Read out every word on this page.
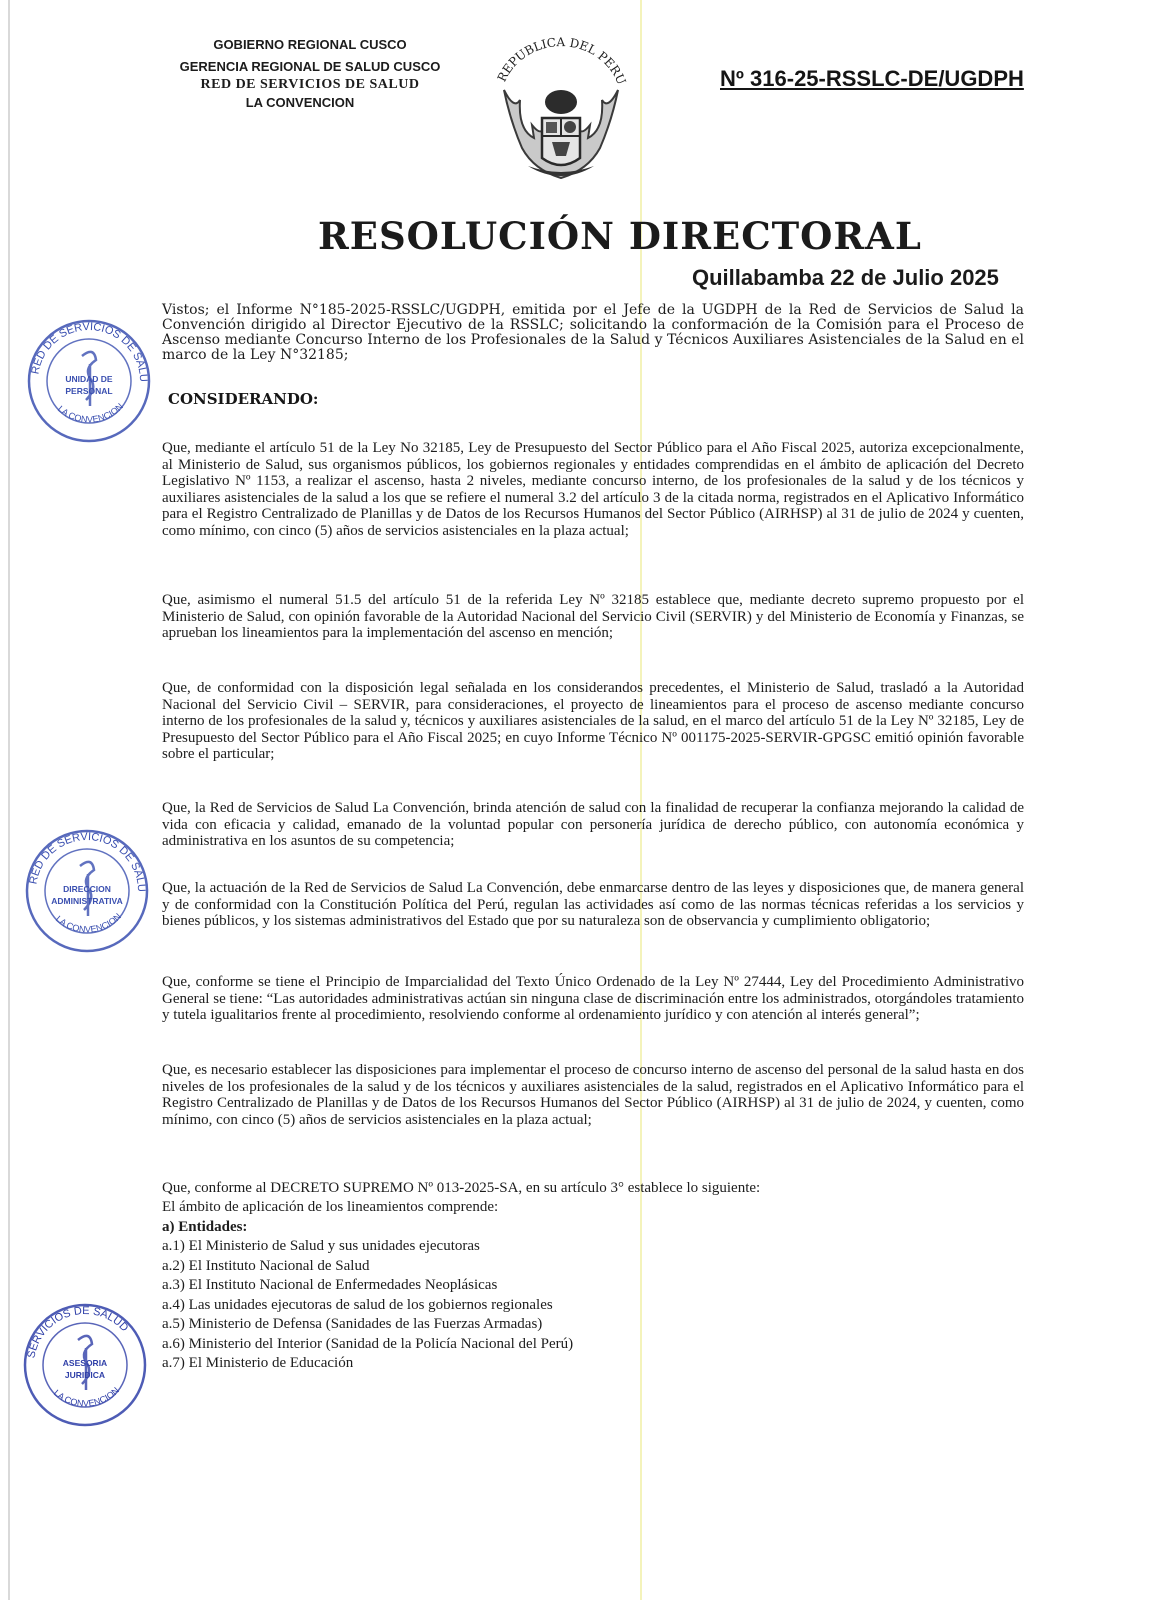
GOBIERNO REGIONAL CUSCO
GERENCIA REGIONAL DE SALUD CUSCO
RED DE SERVICIOS DE SALUD
LA CONVENCION
REPUBLICA DEL PERU	Nº 316-25-RSSLC-DE/UGDPH
RESOLUCIÓN DIRECTORAL
Quillabamba 22 de Julio 2025
Vistos; el Informe N°185-2025-RSSLC/UGDPH, emitida por el Jefe de la UGDPH de la Red de Servicios de Salud la Convención dirigido al Director Ejecutivo de la RSSLC; solicitando la conformación de la Comisión para el Proceso de Ascenso mediante Concurso Interno de los Profesionales de la Salud y Técnicos Auxiliares Asistenciales de la Salud en el marco de la Ley N°32185;
CONSIDERANDO:
Que, mediante el artículo 51 de la Ley No 32185, Ley de Presupuesto del Sector Público para el Año Fiscal 2025, autoriza excepcionalmente, al Ministerio de Salud, sus organismos públicos, los gobiernos regionales y entidades comprendidas en el ámbito de aplicación del Decreto Legislativo Nº 1153, a realizar el ascenso, hasta 2 niveles, mediante concurso interno, de los profesionales de la salud y de los técnicos y auxiliares asistenciales de la salud a los que se refiere el numeral 3.2 del artículo 3 de la citada norma, registrados en el Aplicativo Informático para el Registro Centralizado de Planillas y de Datos de los Recursos Humanos del Sector Público (AIRHSP) al 31 de julio de 2024 y cuenten, como mínimo, con cinco (5) años de servicios asistenciales en la plaza actual;
Que, asimismo el numeral 51.5 del artículo 51 de la referida Ley Nº 32185 establece que, mediante decreto supremo propuesto por el Ministerio de Salud, con opinión favorable de la Autoridad Nacional del Servicio Civil (SERVIR) y del Ministerio de Economía y Finanzas, se aprueban los lineamientos para la implementación del ascenso en mención;
Que, de conformidad con la disposición legal señalada en los considerandos precedentes, el Ministerio de Salud, trasladó a la Autoridad Nacional del Servicio Civil – SERVIR, para consideraciones, el proyecto de lineamientos para el proceso de ascenso mediante concurso interno de los profesionales de la salud y, técnicos y auxiliares asistenciales de la salud, en el marco del artículo 51 de la Ley Nº 32185, Ley de Presupuesto del Sector Público para el Año Fiscal 2025; en cuyo Informe Técnico Nº 001175-2025-SERVIR-GPGSC emitió opinión favorable sobre el particular;
Que, la Red de Servicios de Salud La Convención, brinda atención de salud con la finalidad de recuperar la confianza mejorando la calidad de vida con eficacia y calidad, emanado de la voluntad popular con personería jurídica de derecho público, con autonomía económica y administrativa en los asuntos de su competencia;
Que, la actuación de la Red de Servicios de Salud La Convención, debe enmarcarse dentro de las leyes y disposiciones que, de manera general y de conformidad con la Constitución Política del Perú, regulan las actividades así como de las normas técnicas referidas a los servicios y bienes públicos, y los sistemas administrativos del Estado que por su naturaleza son de observancia y cumplimiento obligatorio;
Que, conforme se tiene el Principio de Imparcialidad del Texto Único Ordenado de la Ley Nº 27444, Ley del Procedimiento Administrativo General se tiene: “Las autoridades administrativas actúan sin ninguna clase de discriminación entre los administrados, otorgándoles tratamiento y tutela igualitarios frente al procedimiento, resolviendo conforme al ordenamiento jurídico y con atención al interés general”;
Que, es necesario establecer las disposiciones para implementar el proceso de concurso interno de ascenso del personal de la salud hasta en dos niveles de los profesionales de la salud y de los técnicos y auxiliares asistenciales de la salud, registrados en el Aplicativo Informático para el Registro Centralizado de Planillas y de Datos de los Recursos Humanos del Sector Público (AIRHSP) al 31 de julio de 2024, y cuenten, como mínimo, con cinco (5) años de servicios asistenciales en la plaza actual;
Que, conforme al DECRETO SUPREMO Nº 013-2025-SA, en su artículo 3° establece lo siguiente:
El ámbito de aplicación de los lineamientos comprende:
a) Entidades:
a.1) El Ministerio de Salud y sus unidades ejecutoras
a.2) El Instituto Nacional de Salud
a.3) El Instituto Nacional de Enfermedades Neoplásicas
a.4) Las unidades ejecutoras de salud de los gobiernos regionales
a.5) Ministerio de Defensa (Sanidades de las Fuerzas Armadas)
a.6) Ministerio del Interior (Sanidad de la Policía Nacional del Perú)
a.7) El Ministerio de Educación
RED DE SERVICIOS DE SALU
LA CONVENCION
UNIDAD DE
PERSONAL
RED DE SERVICIOS DE SALU
LA CONVENCION
DIRECCION
ADMINISTRATIVA
SERVICIOS DE SALUD
LA CONVENCION
ASESORIA
JURIDICA
